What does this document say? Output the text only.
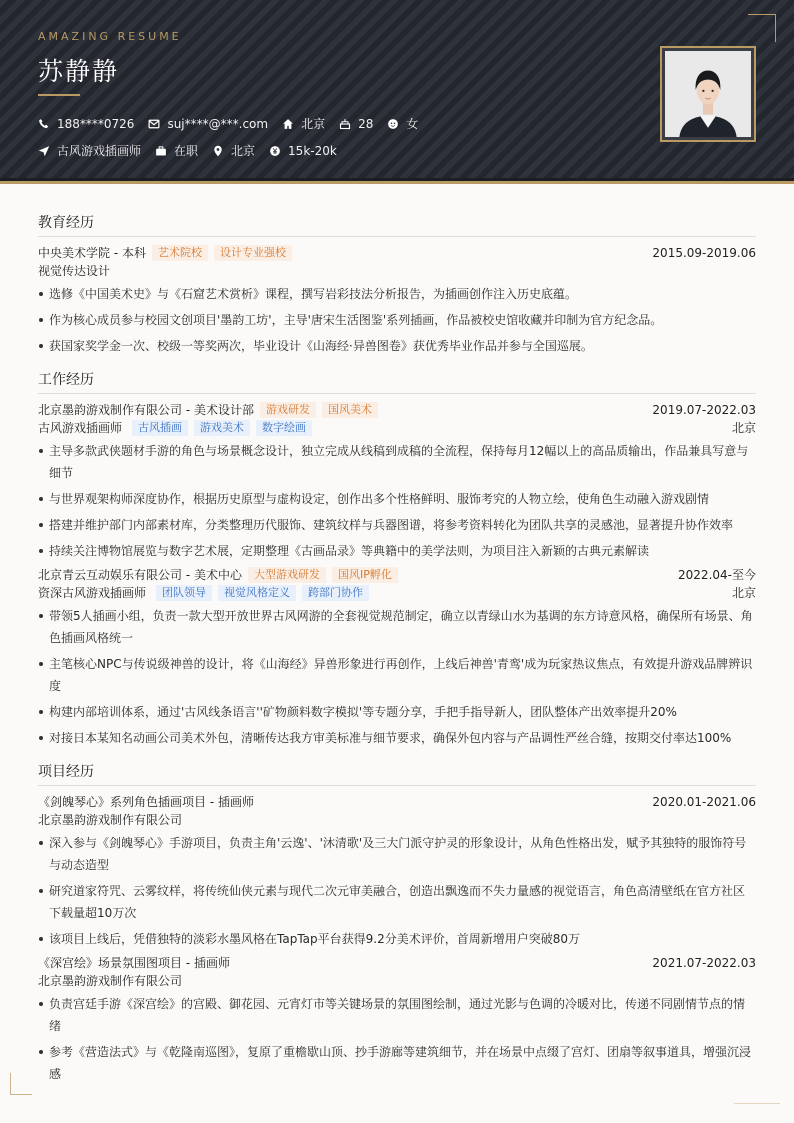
AMAZING RESUME
苏静静
188****0726	suj****@***.com	北京	28	女
古风游戏插画师	在职	北京	15k-20k
教育经历
中央美术学院 - 本科	艺术院校	设计专业强校	2015.09-2019.06
视觉传达设计
选修《中国美术史》与《石窟艺术赏析》课程，撰写岩彩技法分析报告，为插画创作注入历史底蕴。
作为核心成员参与校园文创项目'墨韵工坊'，主导'唐宋生活图鉴'系列插画，作品被校史馆收藏并印制为官方纪念品。
获国家奖学金一次、校级一等奖两次，毕业设计《山海经·异兽图卷》获优秀毕业作品并参与全国巡展。
工作经历
北京墨韵游戏制作有限公司 - 美术设计部	游戏研发	国风美术	2019.07-2022.03
古风游戏插画师	古风插画	游戏美术	数字绘画	北京
主导多款武侠题材手游的角色与场景概念设计，独立完成从线稿到成稿的全流程，保持每月12幅以上的高品质输出，作品兼具写意与细节
与世界观架构师深度协作，根据历史原型与虚构设定，创作出多个性格鲜明、服饰考究的人物立绘，使角色生动融入游戏剧情
搭建并维护部门内部素材库，分类整理历代服饰、建筑纹样与兵器图谱，将参考资料转化为团队共享的灵感池，显著提升协作效率
持续关注博物馆展览与数字艺术展，定期整理《古画品录》等典籍中的美学法则，为项目注入新颖的古典元素解读
北京青云互动娱乐有限公司 - 美术中心	大型游戏研发	国风IP孵化	2022.04-至今
资深古风游戏插画师	团队领导	视觉风格定义	跨部门协作	北京
带领5人插画小组，负责一款大型开放世界古风网游的全套视觉规范制定，确立以青绿山水为基调的东方诗意风格，确保所有场景、角色插画风格统一
主笔核心NPC与传说级神兽的设计，将《山海经》异兽形象进行再创作，上线后神兽'青鸾'成为玩家热议焦点，有效提升游戏品牌辨识度
构建内部培训体系，通过'古风线条语言''矿物颜料数字模拟'等专题分享，手把手指导新人，团队整体产出效率提升20%
对接日本某知名动画公司美术外包，清晰传达我方审美标准与细节要求，确保外包内容与产品调性严丝合缝，按期交付率达100%
项目经历
《剑魄琴心》系列角色插画项目 - 插画师	2020.01-2021.06
北京墨韵游戏制作有限公司
深入参与《剑魄琴心》手游项目，负责主角'云逸'、'沐清歌'及三大门派守护灵的形象设计，从角色性格出发，赋予其独特的服饰符号与动态造型
研究道家符咒、云雾纹样，将传统仙侠元素与现代二次元审美融合，创造出飘逸而不失力量感的视觉语言，角色高清壁纸在官方社区下载量超10万次
该项目上线后，凭借独特的淡彩水墨风格在TapTap平台获得9.2分美术评价，首周新增用户突破80万
《深宫绘》场景氛围图项目 - 插画师	2021.07-2022.03
北京墨韵游戏制作有限公司
负责宫廷手游《深宫绘》的宫殿、御花园、元宵灯市等关键场景的氛围图绘制，通过光影与色调的冷暖对比，传递不同剧情节点的情绪
参考《营造法式》与《乾隆南巡图》，复原了重檐歇山顶、抄手游廊等建筑细节，并在场景中点缀了宫灯、团扇等叙事道具，增强沉浸感
